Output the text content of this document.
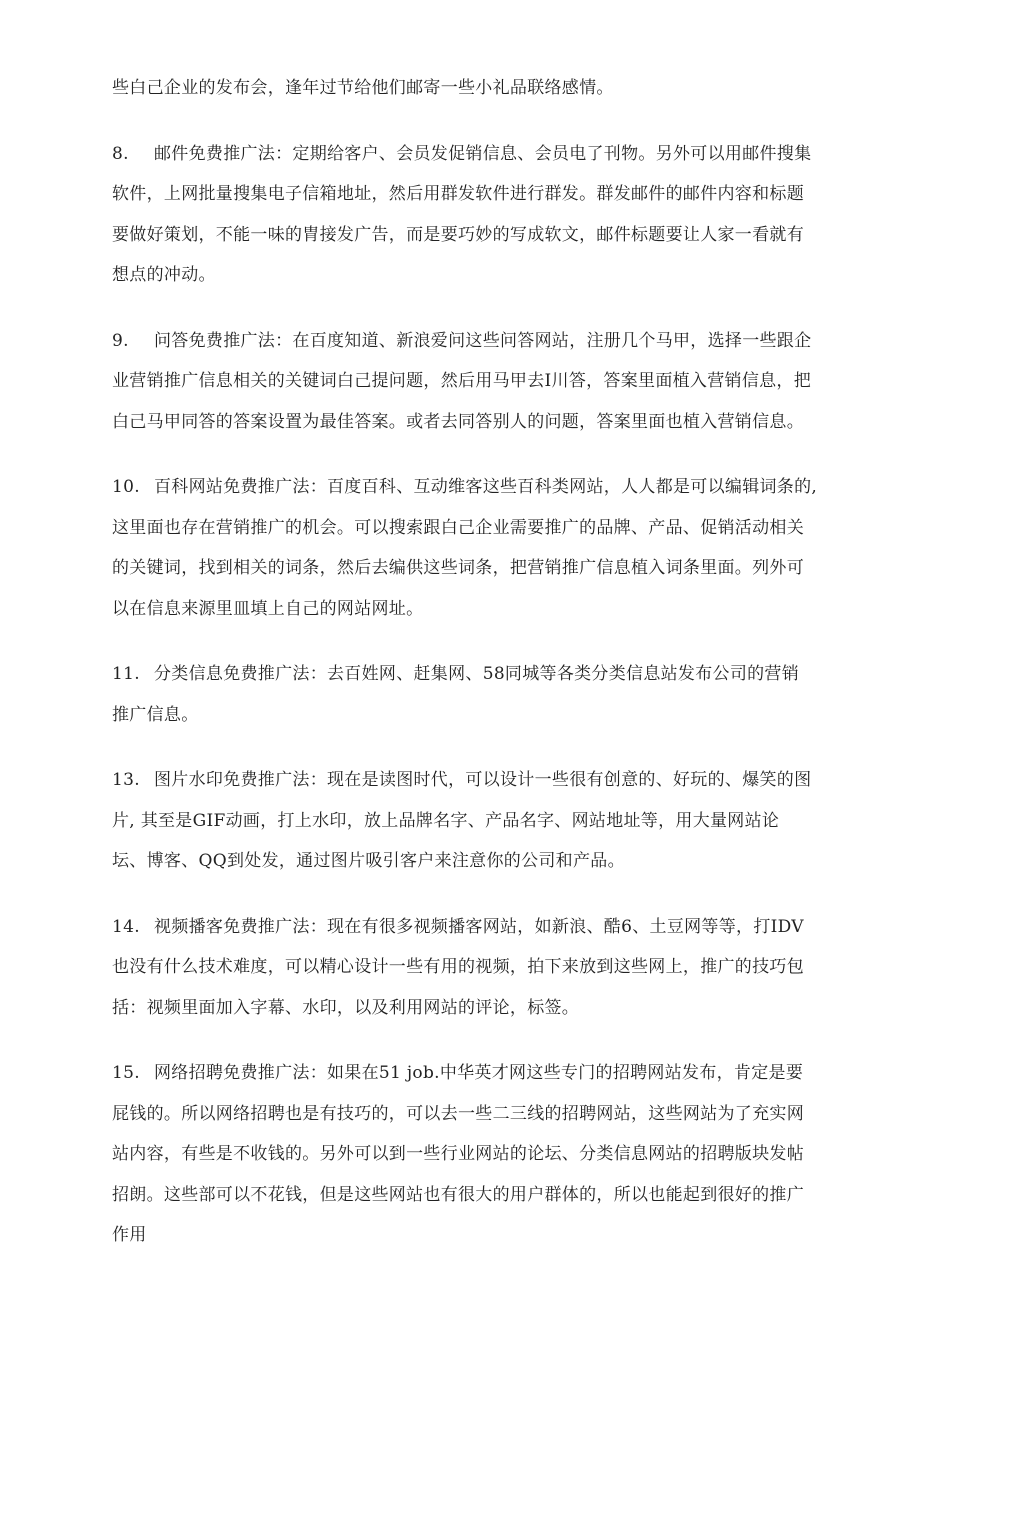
些白己企业的发布会，逢年过节给他们邮寄一些小礼品联络感情。

8. 邮件免费推广法：定期给客户、会员发促销信息、会员电了刊物。另外可以用邮件搜集
软件，上网批量搜集电子信箱地址，然后用群发软件进行群发。群发邮件的邮件内容和标题
要做好策划，不能一味的胄接发广告，而是要巧妙的写成软文，邮件标题要让人家一看就有
想点的冲动。

9. 问答免费推广法：在百度知道、新浪爱问这些问答网站，注册几个马甲，选择一些跟企
业营销推广信息相关的关键词白己提问题，然后用马甲去I川答，答案里面植入营销信息，把
白己马甲同答的答案设置为最佳答案。或者去同答别人的问题，答案里面也植入营销信息。

10. 百科网站免费推广法：百度百科、互动维客这些百科类网站，人人都是可以编辑词条的,
这里面也存在营销推广的机会。可以搜索跟白己企业需要推广的品牌、产品、促销活动相关
的关键词，找到相关的词条，然后去编供这些词条，把营销推广信息植入词条里面。列外可
以在信息来源里皿填上自己的网站网址。

11. 分类信息免费推广法：去百姓网、赶集网、58同城等各类分类信息站发布公司的营销
推广信息。

13. 图片水印免费推广法：现在是读图时代，可以设计一些很有创意的、好玩的、爆笑的图
片, 其至是GIF动画，打上水印，放上品牌名字、产品名字、网站地址等，用大量网站论
坛、博客、QQ到处发，通过图片吸引客户来注意你的公司和产品。

14. 视频播客免费推广法：现在有很多视频播客网站，如新浪、酷6、土豆网等等，打IDV
也没有什么技术难度，可以精心设计一些有用的视频，拍下来放到这些网上，推广的技巧包
括：视频里面加入字幕、水印，以及利用网站的评论，标签。

15. 网络招聘免费推广法：如果在51 job.中华英才网这些专门的招聘网站发布，肯定是要
屁钱的。所以网络招聘也是有技巧的，可以去一些二三线的招聘网站，这些网站为了充实网
站内容，有些是不收钱的。另外可以到一些行业网站的论坛、分类信息网站的招聘版块发帖
招朗。这些部可以不花钱，但是这些网站也有很大的用户群体的，所以也能起到很好的推广
作用
